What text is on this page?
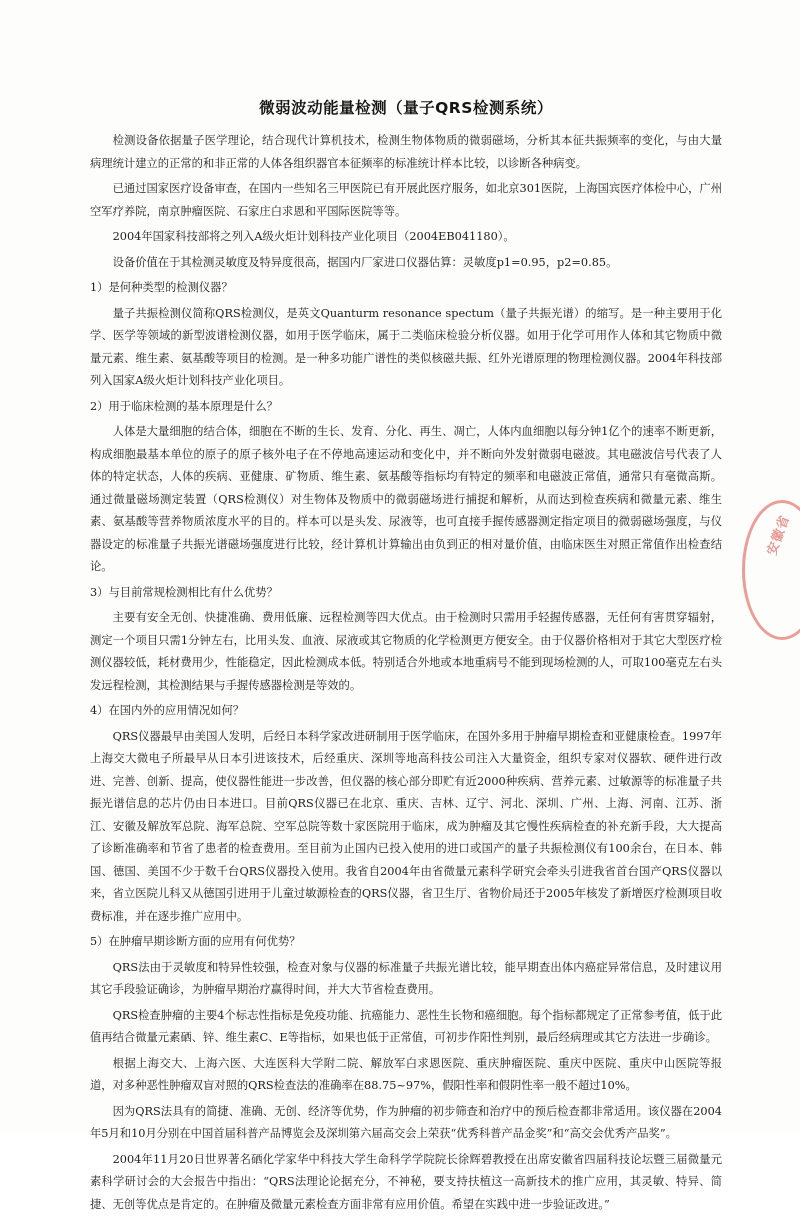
微弱波动能量检测（量子QRS检测系统）

检测设备依据量子医学理论，结合现代计算机技术，检测生物体物质的微弱磁场，分析其本征共振频率的变化，与由大量病理统计建立的正常的和非正常的人体各组织器官本征频率的标准统计样本比较，以诊断各种病变。

已通过国家医疗设备审查，在国内一些知名三甲医院已有开展此医疗服务，如北京301医院，上海国宾医疗体检中心，广州空军疗养院，南京肿瘤医院、石家庄白求恩和平国际医院等等。

2004年国家科技部将之列入A级火炬计划科技产业化项目（2004EB041180）。

设备价值在于其检测灵敏度及特异度很高，据国内厂家进口仪器估算：灵敏度p1=0.95，p2=0.85。

1）是何种类型的检测仪器？

量子共振检测仪简称QRS检测仪，是英文Quanturm resonance spectum（量子共振光谱）的缩写。是一种主要用于化学、医学等领域的新型波谱检测仪器，如用于医学临床，属于二类临床检验分析仪器。如用于化学可用作人体和其它物质中微量元素、维生素、氨基酸等项目的检测。是一种多功能广谱性的类似核磁共振、红外光谱原理的物理检测仪器。2004年科技部列入国家A级火炬计划科技产业化项目。

2）用于临床检测的基本原理是什么？

人体是大量细胞的结合体，细胞在不断的生长、发育、分化、再生、凋亡，人体内血细胞以每分钟1亿个的速率不断更新，构成细胞最基本单位的原子的原子核外电子在不停地高速运动和变化中，并不断向外发射微弱电磁波。其电磁波信号代表了人体的特定状态，人体的疾病、亚健康、矿物质、维生素、氨基酸等指标均有特定的频率和电磁波正常值，通常只有毫微高斯。通过微量磁场测定装置（QRS检测仪）对生物体及物质中的微弱磁场进行捕捉和解析，从而达到检查疾病和微量元素、维生素、氨基酸等营养物质浓度水平的目的。样本可以是头发、尿液等，也可直接手握传感器测定指定项目的微弱磁场强度，与仪器设定的标准量子共振光谱磁场强度进行比较，经计算机计算输出由负到正的相对量价值，由临床医生对照正常值作出检查结论。

3）与目前常规检测相比有什么优势？

主要有安全无创、快捷准确、费用低廉、远程检测等四大优点。由于检测时只需用手轻握传感器，无任何有害贯穿辐射，测定一个项目只需1分钟左右，比用头发、血液、尿液或其它物质的化学检测更方便安全。由于仪器价格相对于其它大型医疗检测仪器较低，耗材费用少，性能稳定，因此检测成本低。特别适合外地或本地重病号不能到现场检测的人，可取100毫克左右头发远程检测，其检测结果与手握传感器检测是等效的。

4）在国内外的应用情况如何？

QRS仪器最早由美国人发明，后经日本科学家改进研制用于医学临床，在国外多用于肿瘤早期检查和亚健康检查。1997年上海交大微电子所最早从日本引进该技术，后经重庆、深圳等地高科技公司注入大量资金，组织专家对仪器软、硬件进行改进、完善、创新、提高，使仪器性能进一步改善，但仪器的核心部分即贮有近2000种疾病、营养元素、过敏源等的标准量子共振光谱信息的芯片仍由日本进口。目前QRS仪器已在北京、重庆、吉林、辽宁、河北、深圳、广州、上海、河南、江苏、浙江、安徽及解放军总院、海军总院、空军总院等数十家医院用于临床，成为肿瘤及其它慢性疾病检查的补充新手段，大大提高了诊断准确率和节省了患者的检查费用。至目前为止国内已投入使用的进口或国产的量子共振检测仪有100余台，在日本、韩国、德国、美国不少于数千台QRS仪器投入使用。我省自2004年由省微量元素科学研究会牵头引进我省首台国产QRS仪器以来，省立医院儿科又从德国引进用于儿童过敏源检查的QRS仪器，省卫生厅、省物价局还于2005年核发了新增医疗检测项目收费标准，并在逐步推广应用中。

5）在肿瘤早期诊断方面的应用有何优势？

QRS法由于灵敏度和特异性较强，检查对象与仪器的标准量子共振光谱比较，能早期查出体内癌症异常信息，及时建议用其它手段验证确诊，为肿瘤早期治疗赢得时间，并大大节省检查费用。

QRS检查肿瘤的主要4个标志性指标是免疫功能、抗癌能力、恶性生长物和癌细胞。每个指标都规定了正常参考值，低于此值再结合微量元素硒、锌、维生素C、E等指标，如果也低于正常值，可初步作阳性判别，最后经病理或其它方法进一步确诊。

根据上海交大、上海六医、大连医科大学附二院、解放军白求恩医院、重庆肿瘤医院、重庆中医院、重庆中山医院等报道，对多种恶性肿瘤双盲对照的QRS检查法的准确率在88.75~97%，假阳性率和假阴性率一般不超过10%。

因为QRS法具有的简捷、准确、无创、经济等优势，作为肿瘤的初步筛查和治疗中的预后检查都非常适用。该仪器在2004年5月和10月分别在中国首届科普产品博览会及深圳第六届高交会上荣获“优秀科普产品金奖”和“高交会优秀产品奖”。

2004年11月20日世界著名硒化学家华中科技大学生命科学学院院长徐辉碧教授在出席安徽省四届科技论坛暨三届微量元素科学研讨会的大会报告中指出：“QRS法理论论据充分，不神秘，要支持扶植这一高新技术的推广应用，其灵敏、特异、简捷、无创等优点是肯定的。在肿瘤及微量元素检查方面非常有应用价值。希望在实践中进一步验证改进。”

安徽省
